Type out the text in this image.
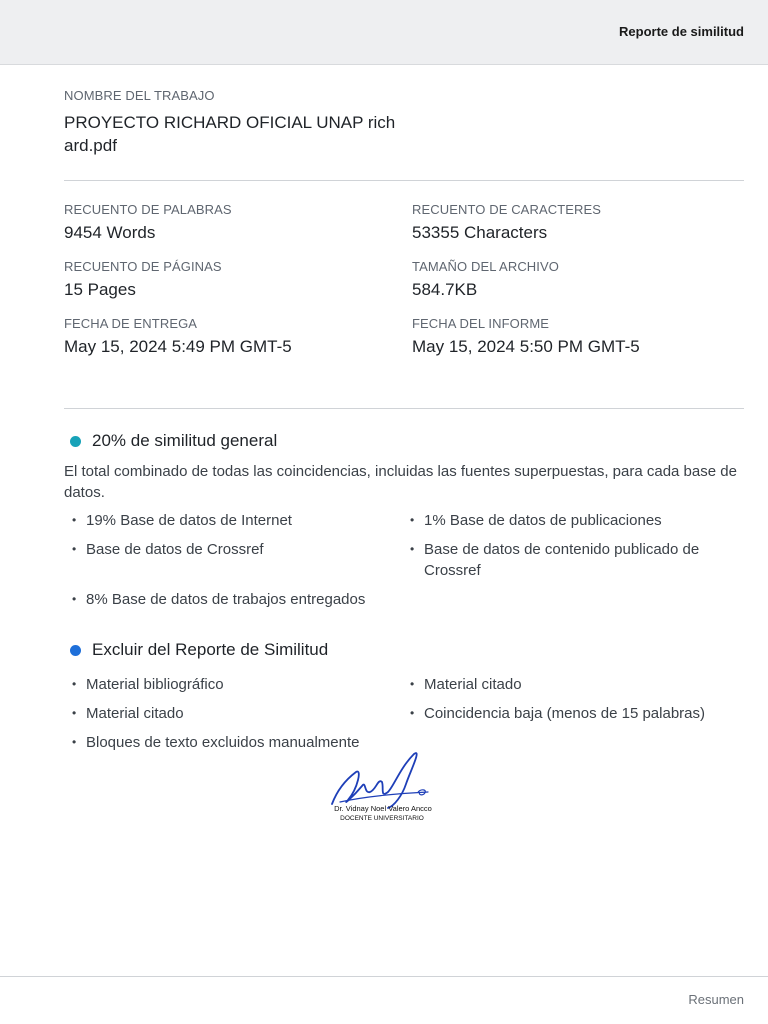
Reporte de similitud
NOMBRE DEL TRABAJO
PROYECTO RICHARD OFICIAL UNAP rich
ard.pdf
RECUENTO DE PALABRAS
9454 Words
RECUENTO DE CARACTERES
53355 Characters
RECUENTO DE PÁGINAS
15 Pages
TAMAÑO DEL ARCHIVO
584.7KB
FECHA DE ENTREGA
May 15, 2024 5:49 PM GMT-5
FECHA DEL INFORME
May 15, 2024 5:50 PM GMT-5
20% de similitud general
El total combinado de todas las coincidencias, incluidas las fuentes superpuestas, para cada base de datos.
• 19% Base de datos de Internet	• 1% Base de datos de publicaciones
• Base de datos de Crossref	• Base de datos de contenido publicado de Crossref
• 8% Base de datos de trabajos entregados
Excluir del Reporte de Similitud
• Material bibliográfico	• Material citado
• Material citado	• Coincidencia baja (menos de 15 palabras)
• Bloques de texto excluidos manualmente
Dr. Vidnay Noel Valero Ancco
DOCENTE UNIVERSITARIO
Resumen
